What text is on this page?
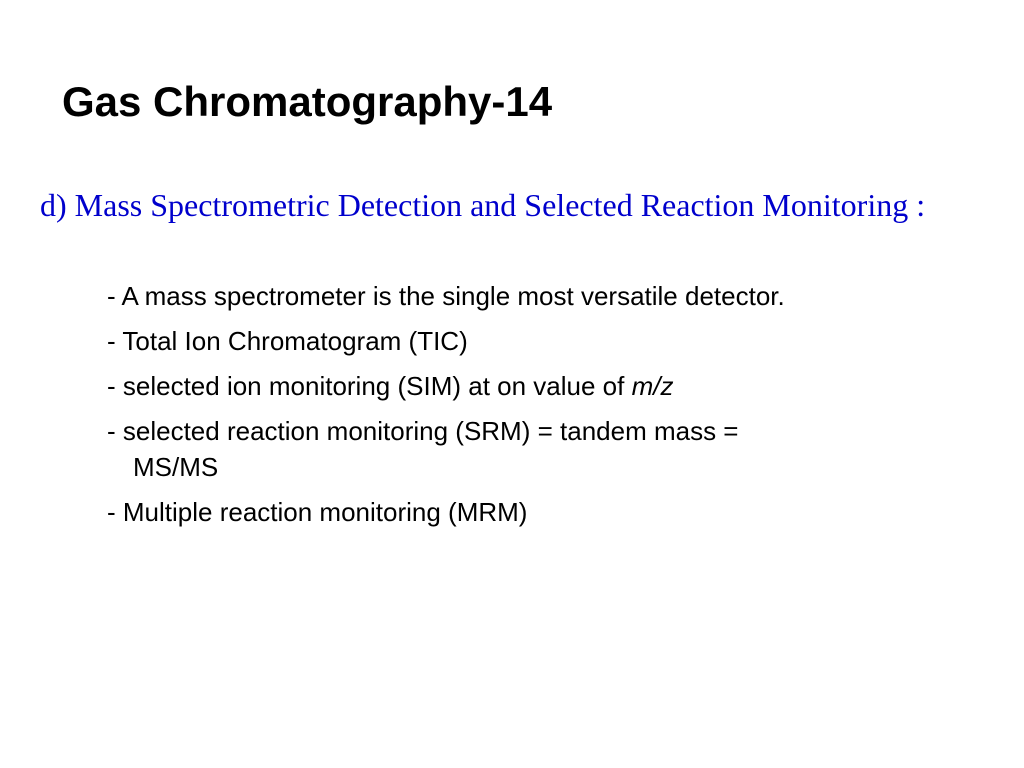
Gas Chromatography-14

d) Mass Spectrometric Detection and Selected Reaction Monitoring :

- A mass spectrometer is the single most versatile detector.
- Total Ion Chromatogram (TIC)
- selected ion monitoring (SIM) at on value of m/z
- selected reaction monitoring (SRM) = tandem mass =
MS/MS
- Multiple reaction monitoring (MRM)
